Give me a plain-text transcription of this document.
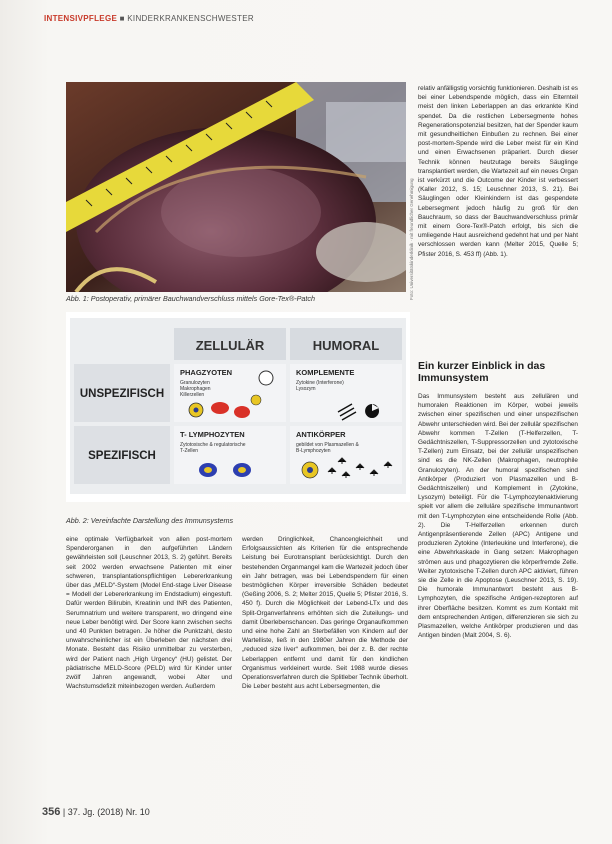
INTENSIVPFLEGE ■ KINDERKRANKENSCHWESTER
Abb. 1: Postoperativ, primärer Bauchwandverschluss mittels Gore-Tex®-Patch	Foto: Universitätskinderklinik · mit freundlicher Genehmigung
ZELLULÄR	HUMORAL
UNSPEZIFISCH
SPEZIFISCH
PHAGZYOTEN
Granulozyten
Makrophagen
Killerzellen
KOMPLEMENTE
Zytokine (Interferone)
Lysozym
T- LYMPHOZYTEN
Zytotoxische & regulatorische
T-Zellen
ANTIKÖRPER
gebildet von Plasmazellen &
B-Lymphozyten
Abb. 2: Vereinfachte Darstellung des Immunsystems

relativ anfälligstig vorsichtig funktionieren. Deshalb ist es bei einer Lebendspende möglich, dass ein Elternteil meist den linken Leberlappen an das erkrankte Kind spendet. Da die restlichen Lebersegmente hohes Regenerationspotenzial besitzen, hat der Spender kaum mit gesundheitlichen Einbußen zu rechnen. Bei einer post-mortem-Spende wird die Leber meist für ein Kind und einen Erwachsenen präpariert. Durch dieser Technik können heutzutage bereits Säuglinge transplantiert werden, die Wartezeit auf ein neues Organ ist verkürzt und die Outcome der Kinder ist verbessert (Kaller 2012, S. 15; Leuschner 2013, S. 21). Bei Säuglingen oder Kleinkindern ist das gespendete Lebersegment jedoch häufig zu groß für den Bauchraum, so dass der Bauchwandverschluss primär mit einem Gore-Tex®-Patch erfolgt, bis sich die umliegende Haut ausreichend gedehnt hat und per Naht verschlossen werden kann (Melter 2015, Quelle 5; Pfister 2016, S. 453 ff) (Abb. 1).

Ein kurzer Einblick in das Immunsystem

Das Immunsystem besteht aus zellulären und humoralen Reaktionen im Körper, wobei jeweils zwischen einer spezifischen und einer unspezifischen Abwehr unterschieden wird. Bei der zellulär spezifischen Abwehr kommen T-Zellen (T-Helferzellen, T-Gedächtniszellen, T-Suppressorzellen und zytotoxische T-Zellen) zum Einsatz, bei der zellulär unspezifischen sind es die NK-Zellen (Makrophagen, neutrophile Granulozyten). An der humoral spezifischen sind Antikörper (Produziert von Plasmazellen und B-Gedächtniszellen) und Komplement in (Zytokine, Lysozym) beteiligt. Für die T-Lymphozytenaktivierung spielt vor allem die zelluläre spezifische Immunantwort mit den T-Lymphozyten eine entscheidende Rolle (Abb. 2). Die T-Helferzellen erkennen durch Antigenpräsentierende Zellen (APC) Antigene und produzieren Zytokine (Interleukine und Interferone), die eine Abwehrkaskade in Gang setzen: Makrophagen strömen aus und phagozytieren die körperfremde Zelle. Weiter zytotoxische T-Zellen durch APC aktiviert, führen sie die Zelle in die Apoptose (Leuschner 2013, S. 19). Die humorale Immunantwort besteht aus B-Lymphozyten, die spezifische Antigen-rezeptoren auf ihrer Oberfläche besitzen. Kommt es zum Kontakt mit dem entsprechenden Antigen, differenzieren sie sich zu Plasmazellen, welche Antikörper produzieren und das Antigen binden (Malt 2004, S. 6).

eine optimale Verfügbarkeit von allen post-mortem Spenderorganen in den aufgeführten Ländern gewährleisten soll (Leuschner 2013, S. 2) geführt. Bereits seit 2002 werden erwachsene Patienten mit einer schweren, transplantationspflichtigen Lebererkrankung über das „MELD“-System (Model End-stage Liver Disease = Modell der Lebererkrankung im Endstadium) eingestuft. Dafür werden Bilirubin, Kreatinin und INR des Patienten, Serumnatrium und weitere transparent, wo dringend eine neue Leber benötigt wird. Der Score kann zwischen sechs und 40 Punkten betragen. Je höher die Punktzahl, desto unwahrscheinlicher ist ein Überleben der nächsten drei Monate. Besteht das Risiko unmittelbar zu versterben, wird der Patient nach „High Urgency“ (HU) gelistet. Der pädiatrische MELD-Score (PELD) wird für Kinder unter zwölf Jahren angewandt, wobei Alter und Wachstumsdefizit miteinbezogen werden. Außerdem

werden Dringlichkeit, Chancengleichheit und Erfolgsaussichten als Kriterien für die entsprechende Leistung bei Eurotransplant berücksichtigt. Durch den bestehenden Organmangel kam die Wartezeit jedoch über ein Jahr betragen, was bei Lebendspendern für einen bestmöglichen Körper irreversible Schäden bedeutet (Geßing 2006, S. 2; Melter 2015, Quelle 5; Pfister 2016, S. 450 f). Durch die Möglichkeit der Lebend-LTx und des Split-Organverfahrens erhöhten sich die Zuteilungs- und damit Überlebenschancen. Das geringe Organaufkommen und eine hohe Zahl an Sterbefällen von Kindern auf der Wartelliste, ließ in den 1980er Jahren die Methode der „reduced size liver“ aufkommen, bei der z. B. der rechte Leberlappen entfernt und damit für den kindlichen Organismus verkleinert wurde. Seit 1988 wurde dieses Operationsverfahren durch die Splitleber Technik überholt. Die Leber besteht aus acht Lebersegmenten, die

356 | 37. Jg. (2018) Nr. 10
